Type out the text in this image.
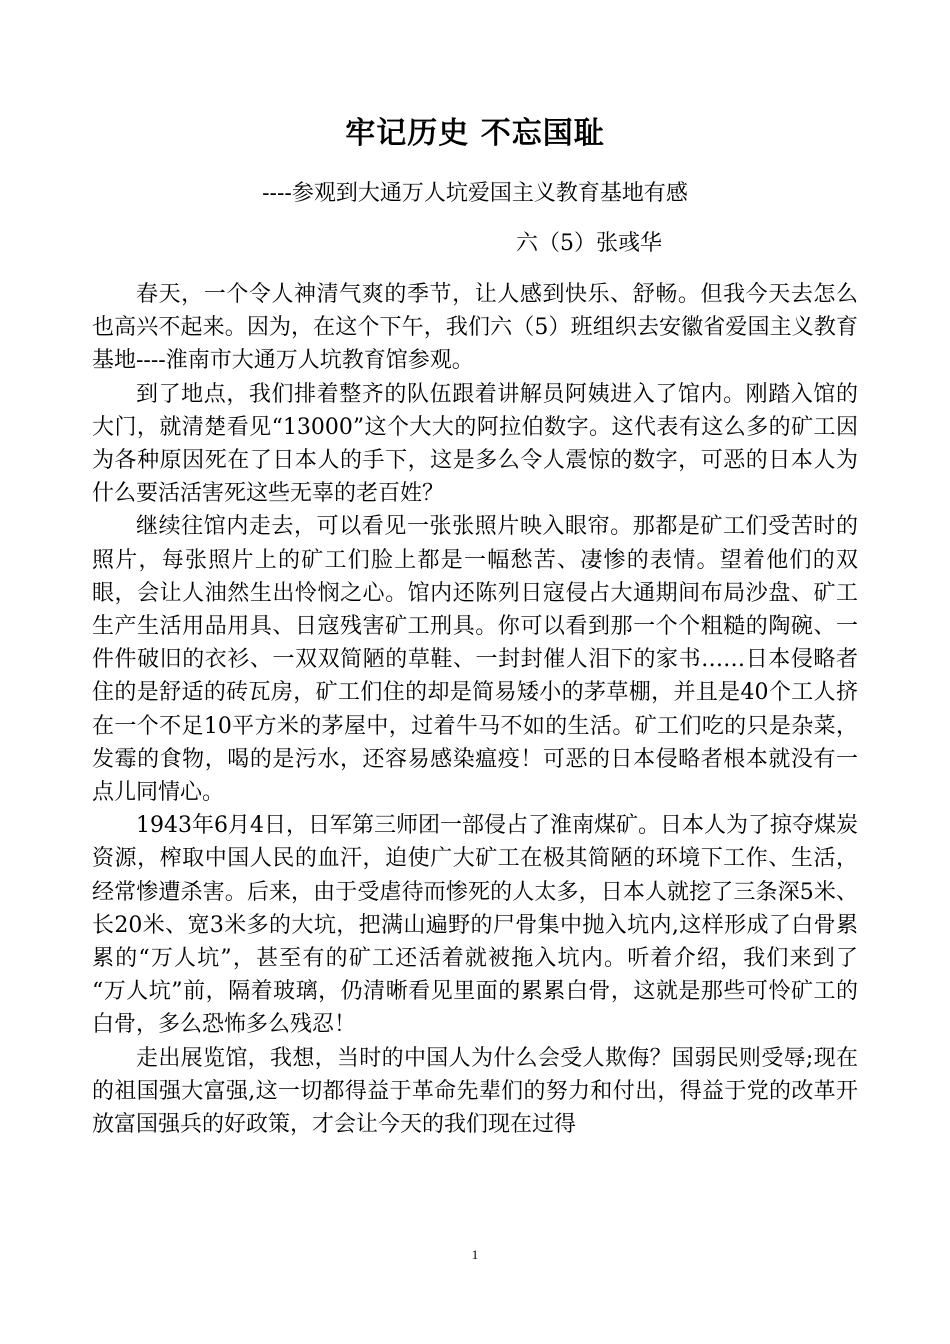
牢记历史 不忘国耻
----参观到大通万人坑爱国主义教育基地有感
六（5）张彧华

春天，一个令人神清气爽的季节，让人感到快乐、舒畅。但我今天去怎么也高兴不起来。因为，在这个下午，我们六（5）班组织去安徽省爱国主义教育基地----淮南市大通万人坑教育馆参观。

到了地点，我们排着整齐的队伍跟着讲解员阿姨进入了馆内。刚踏入馆的大门，就清楚看见“13000”这个大大的阿拉伯数字。这代表有这么多的矿工因为各种原因死在了日本人的手下，这是多么令人震惊的数字，可恶的日本人为什么要活活害死这些无辜的老百姓？

继续往馆内走去，可以看见一张张照片映入眼帘。那都是矿工们受苦时的照片，每张照片上的矿工们脸上都是一幅愁苦、凄惨的表情。望着他们的双眼，会让人油然生出怜悯之心。馆内还陈列日寇侵占大通期间布局沙盘、矿工生产生活用品用具、日寇残害矿工刑具。你可以看到那一个个粗糙的陶碗、一件件破旧的衣衫、一双双简陋的草鞋、一封封催人泪下的家书……日本侵略者住的是舒适的砖瓦房，矿工们住的却是简易矮小的茅草棚，并且是40个工人挤在一个不足10平方米的茅屋中，过着牛马不如的生活。矿工们吃的只是杂菜，发霉的食物，喝的是污水，还容易感染瘟疫！可恶的日本侵略者根本就没有一点儿同情心。

1943年6月4日，日军第三师团一部侵占了淮南煤矿。日本人为了掠夺煤炭资源，榨取中国人民的血汗，迫使广大矿工在极其简陋的环境下工作、生活，经常惨遭杀害。后来，由于受虐待而惨死的人太多，日本人就挖了三条深5米、长20米、宽3米多的大坑，把满山遍野的尸骨集中抛入坑内,这样形成了白骨累累的“万人坑”，甚至有的矿工还活着就被拖入坑内。听着介绍，我们来到了 “万人坑”前，隔着玻璃，仍清晰看见里面的累累白骨，这就是那些可怜矿工的白骨，多么恐怖多么残忍！

走出展览馆，我想，当时的中国人为什么会受人欺侮？国弱民则受辱;现在的祖国强大富强,这一切都得益于革命先辈们的努力和付出，得益于党的改革开放富国强兵的好政策，才会让今天的我们现在过得

1
